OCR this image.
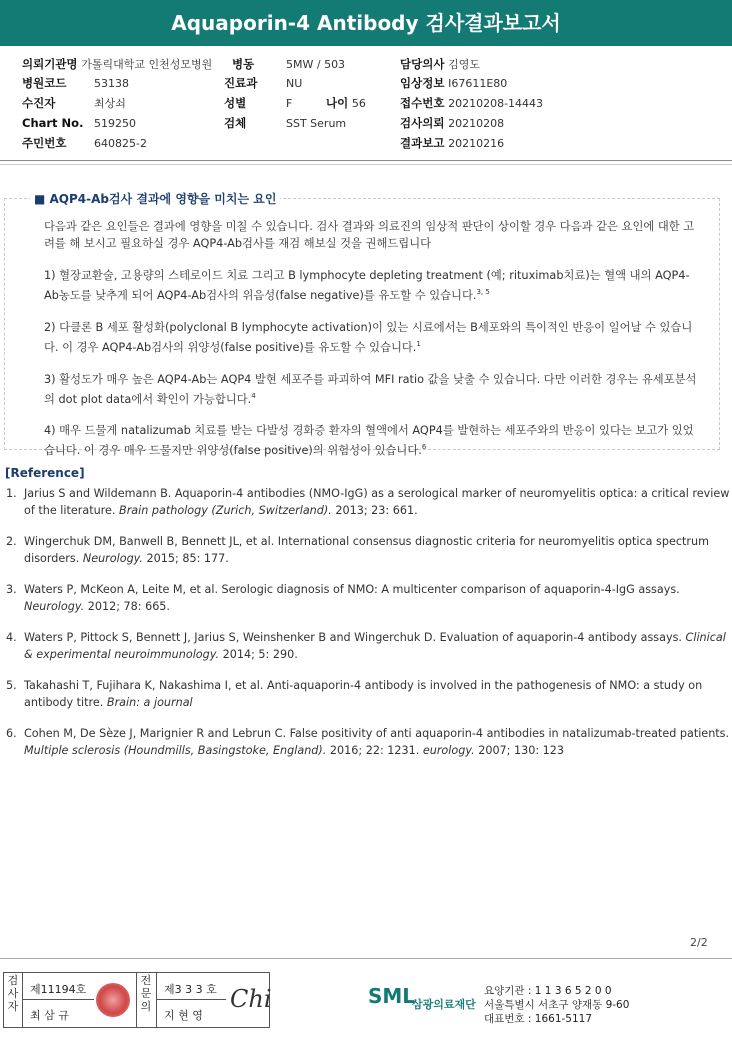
Aquaporin-4 Antibody 검사결과보고서
의뢰기관명 가톨릭대학교 인천성모병원 병동	5MW / 503	담당의사 김영도
병원코드	53138	진료과	NU	임상정보 I67611E80
수진자	최상쇠	성별	F	나이 56	접수번호 20210208-14443
Chart No. 519250	검체	SST Serum	검사의뢰 20210208
주민번호	640825-2	결과보고 20210216
■ AQP4-Ab검사 결과에 영향을 미치는 요인

다음과 같은 요인들은 결과에 영향을 미칠 수 있습니다. 검사 결과와 의료진의 임상적 판단이 상이할 경우 다음과 같은 요인에 대한 고려를 해 보시고 필요하실 경우 AQP4-Ab검사를 재검 해보실 것을 권해드립니다

1) 혈장교환술, 고용량의 스테로이드 치료 그리고 B lymphocyte depleting treatment (예; rituximab치료)는 혈액 내의 AQP4-Ab농도를 낮추게 되어 AQP4-Ab검사의 위음성(false negative)를 유도할 수 있습니다.$^{3, 5}$

2) 다클론 B 세포 활성화(polyclonal B lymphocyte activation)이 있는 시료에서는 B세포와의 특이적인 반응이 일어날 수 있습니다. 이 경우 AQP4-Ab검사의 위양성(false positive)를 유도할 수 있습니다.$^1$

3) 활성도가 매우 높은 AQP4-Ab는 AQP4 발현 세포주를 파괴하여 MFI ratio 값을 낮출 수 있습니다. 다만 이러한 경우는 유세포분석의 dot plot data에서 확인이 가능합니다.$^4$

4) 매우 드물게 natalizumab 치료를 받는 다발성 경화증 환자의 혈액에서 AQP4를 발현하는 세포주와의 반응이 있다는 보고가 있었습니다. 이 경우 매우 드물지만 위양성(false positive)의 위험성이 있습니다.$^6$

[Reference]
1. Jarius S and Wildemann B. Aquaporin-4 antibodies (NMO-IgG) as a serological marker of neuromyelitis optica: a critical review of the literature. Brain pathology (Zurich, Switzerland). 2013; 23: 661.
2. Wingerchuk DM, Banwell B, Bennett JL, et al. International consensus diagnostic criteria for neuromyelitis optica spectrum disorders. Neurology. 2015; 85: 177.
3. Waters P, McKeon A, Leite M, et al. Serologic diagnosis of NMO: A multicenter comparison of aquaporin-4-IgG assays. Neurology. 2012; 78: 665.
4. Waters P, Pittock S, Bennett J, Jarius S, Weinshenker B and Wingerchuk D. Evaluation of aquaporin-4 antibody assays. Clinical & experimental neuroimmunology. 2014; 5: 290.
5. Takahashi T, Fujihara K, Nakashima I, et al. Anti-aquaporin-4 antibody is involved in the pathogenesis of NMO: a study on antibody titre. Brain: a journal
6. Cohen M, De Sèze J, Marignier R and Lebrun C. False positivity of anti aquaporin-4 antibodies in natalizumab-treated patients. Multiple sclerosis (Houndmills, Basingstoke, England). 2016; 22: 1231. eurology. 2007; 130: 123
2/2
검사자
제11194호
최 삼 규
전문의
제3 3 3 호
지 현 영
Chi	SML
삼광의료재단
요양기관 : 1 1 3 6 5 2 0 0
서울특별시 서초구 양재동 9-60
대표번호 : 1661-5117
